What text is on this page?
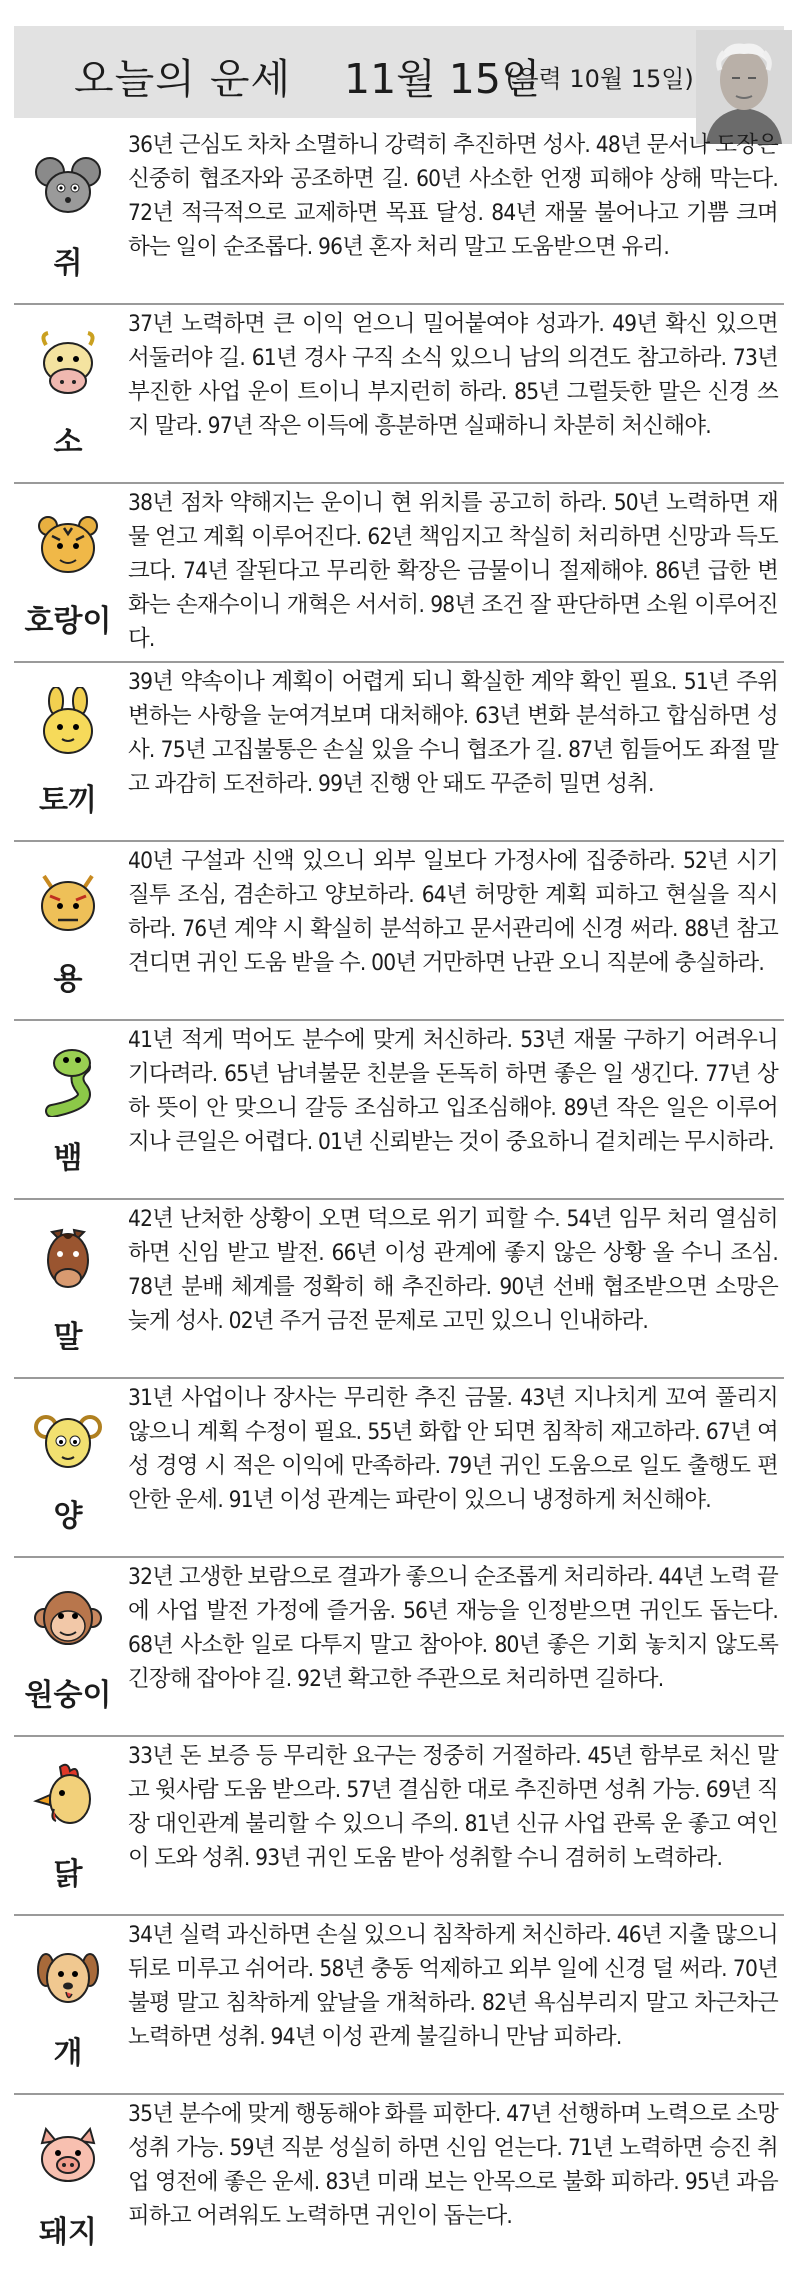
오늘의 운세 11월 15일
(음력 10월 15일)
쥐
36년 근심도 차차 소멸하니 강력히 추진하면 성사. 48년 문서나 도장은 신중히 협조자와 공조하면 길. 60년 사소한 언쟁 피해야 상해 막는다. 72년 적극적으로 교제하면 목표 달성. 84년 재물 불어나고 기쁨 크며 하는 일이 순조롭다. 96년 혼자 처리 말고 도움받으면 유리.
소
37년 노력하면 큰 이익 얻으니 밀어붙여야 성과가. 49년 확신 있으면 서둘러야 길. 61년 경사 구직 소식 있으니 남의 의견도 참고하라. 73년 부진한 사업 운이 트이니 부지런히 하라. 85년 그럴듯한 말은 신경 쓰지 말라. 97년 작은 이득에 흥분하면 실패하니 차분히 처신해야.
호랑이
38년 점차 약해지는 운이니 현 위치를 공고히 하라. 50년 노력하면 재물 얻고 계획 이루어진다. 62년 책임지고 착실히 처리하면 신망과 득도 크다. 74년 잘된다고 무리한 확장은 금물이니 절제해야. 86년 급한 변화는 손재수이니 개혁은 서서히. 98년 조건 잘 판단하면 소원 이루어진다.
토끼
39년 약속이나 계획이 어렵게 되니 확실한 계약 확인 필요. 51년 주위 변하는 사항을 눈여겨보며 대처해야. 63년 변화 분석하고 합심하면 성사. 75년 고집불통은 손실 있을 수니 협조가 길. 87년 힘들어도 좌절 말고 과감히 도전하라. 99년 진행 안 돼도 꾸준히 밀면 성취.
용
40년 구설과 신액 있으니 외부 일보다 가정사에 집중하라. 52년 시기 질투 조심, 겸손하고 양보하라. 64년 허망한 계획 피하고 현실을 직시하라. 76년 계약 시 확실히 분석하고 문서관리에 신경 써라. 88년 참고 견디면 귀인 도움 받을 수. 00년 거만하면 난관 오니 직분에 충실하라.
뱀
41년 적게 먹어도 분수에 맞게 처신하라. 53년 재물 구하기 어려우니 기다려라. 65년 남녀불문 친분을 돈독히 하면 좋은 일 생긴다. 77년 상하 뜻이 안 맞으니 갈등 조심하고 입조심해야. 89년 작은 일은 이루어지나 큰일은 어렵다. 01년 신뢰받는 것이 중요하니 겉치레는 무시하라.
말
42년 난처한 상황이 오면 덕으로 위기 피할 수. 54년 임무 처리 열심히 하면 신임 받고 발전. 66년 이성 관계에 좋지 않은 상황 올 수니 조심. 78년 분배 체계를 정확히 해 추진하라. 90년 선배 협조받으면 소망은 늦게 성사. 02년 주거 금전 문제로 고민 있으니 인내하라.
양
31년 사업이나 장사는 무리한 추진 금물. 43년 지나치게 꼬여 풀리지 않으니 계획 수정이 필요. 55년 화합 안 되면 침착히 재고하라. 67년 여성 경영 시 적은 이익에 만족하라. 79년 귀인 도움으로 일도 출행도 편안한 운세. 91년 이성 관계는 파란이 있으니 냉정하게 처신해야.
원숭이
32년 고생한 보람으로 결과가 좋으니 순조롭게 처리하라. 44년 노력 끝에 사업 발전 가정에 즐거움. 56년 재능을 인정받으면 귀인도 돕는다. 68년 사소한 일로 다투지 말고 참아야. 80년 좋은 기회 놓치지 않도록 긴장해 잡아야 길. 92년 확고한 주관으로 처리하면 길하다.
닭
33년 돈 보증 등 무리한 요구는 정중히 거절하라. 45년 함부로 처신 말고 윗사람 도움 받으라. 57년 결심한 대로 추진하면 성취 가능. 69년 직장 대인관계 불리할 수 있으니 주의. 81년 신규 사업 관록 운 좋고 여인이 도와 성취. 93년 귀인 도움 받아 성취할 수니 겸허히 노력하라.
개
34년 실력 과신하면 손실 있으니 침착하게 처신하라. 46년 지출 많으니 뒤로 미루고 쉬어라. 58년 충동 억제하고 외부 일에 신경 덜 써라. 70년 불평 말고 침착하게 앞날을 개척하라. 82년 욕심부리지 말고 차근차근 노력하면 성취. 94년 이성 관계 불길하니 만남 피하라.
돼지
35년 분수에 맞게 행동해야 화를 피한다. 47년 선행하며 노력으로 소망 성취 가능. 59년 직분 성실히 하면 신임 얻는다. 71년 노력하면 승진 취업 영전에 좋은 운세. 83년 미래 보는 안목으로 불화 피하라. 95년 과음 피하고 어려워도 노력하면 귀인이 돕는다.
